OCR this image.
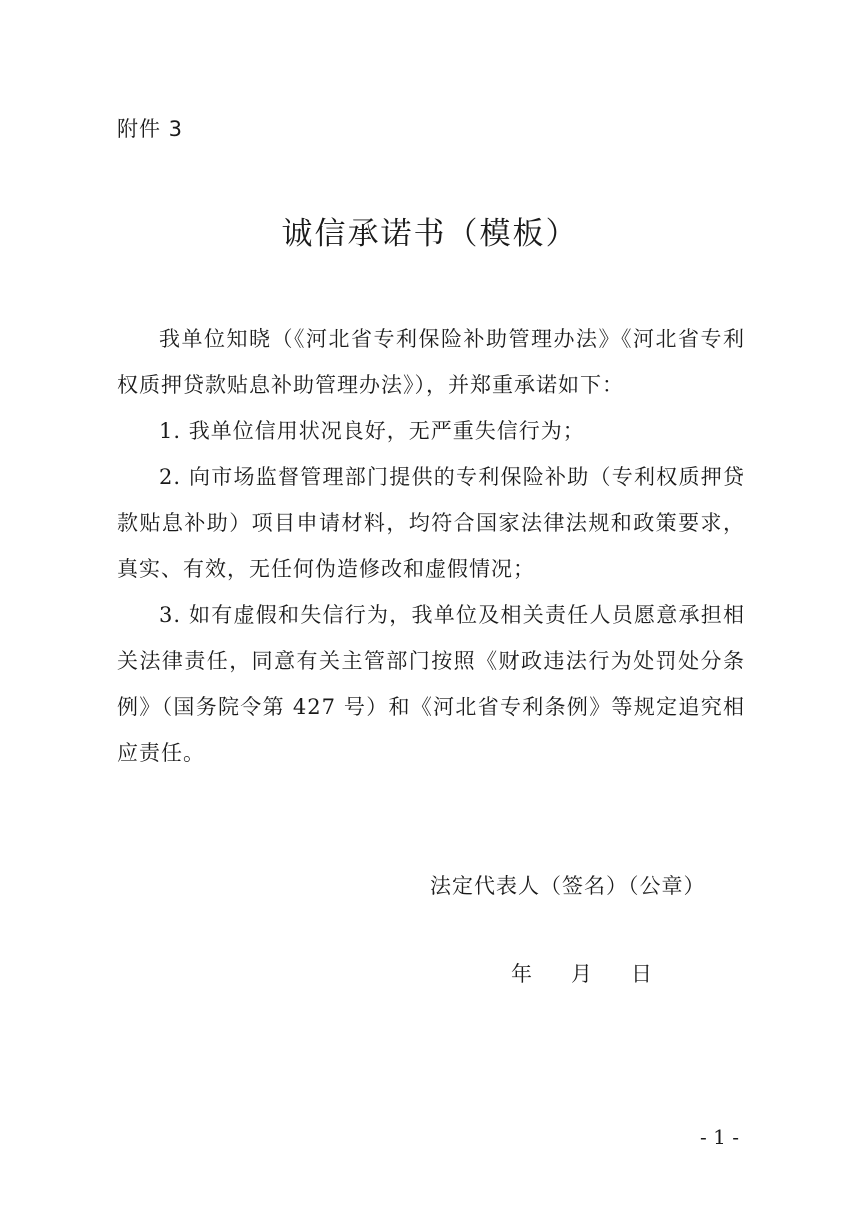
附件 3
诚信承诺书（模板）

我单位知晓（《河北省专利保险补助管理办法》《河北省专利权质押贷款贴息补助管理办法》），并郑重承诺如下：

1. 我单位信用状况良好，无严重失信行为；

2. 向市场监督管理部门提供的专利保险补助（专利权质押贷款贴息补助）项目申请材料，均符合国家法律法规和政策要求，真实、有效，无任何伪造修改和虚假情况；

3. 如有虚假和失信行为，我单位及相关责任人员愿意承担相关法律责任，同意有关主管部门按照《财政违法行为处罚处分条例》（国务院令第 427 号）和《河北省专利条例》等规定追究相应责任。

法定代表人（签名）（公章）
年 月 日
- 1 -
